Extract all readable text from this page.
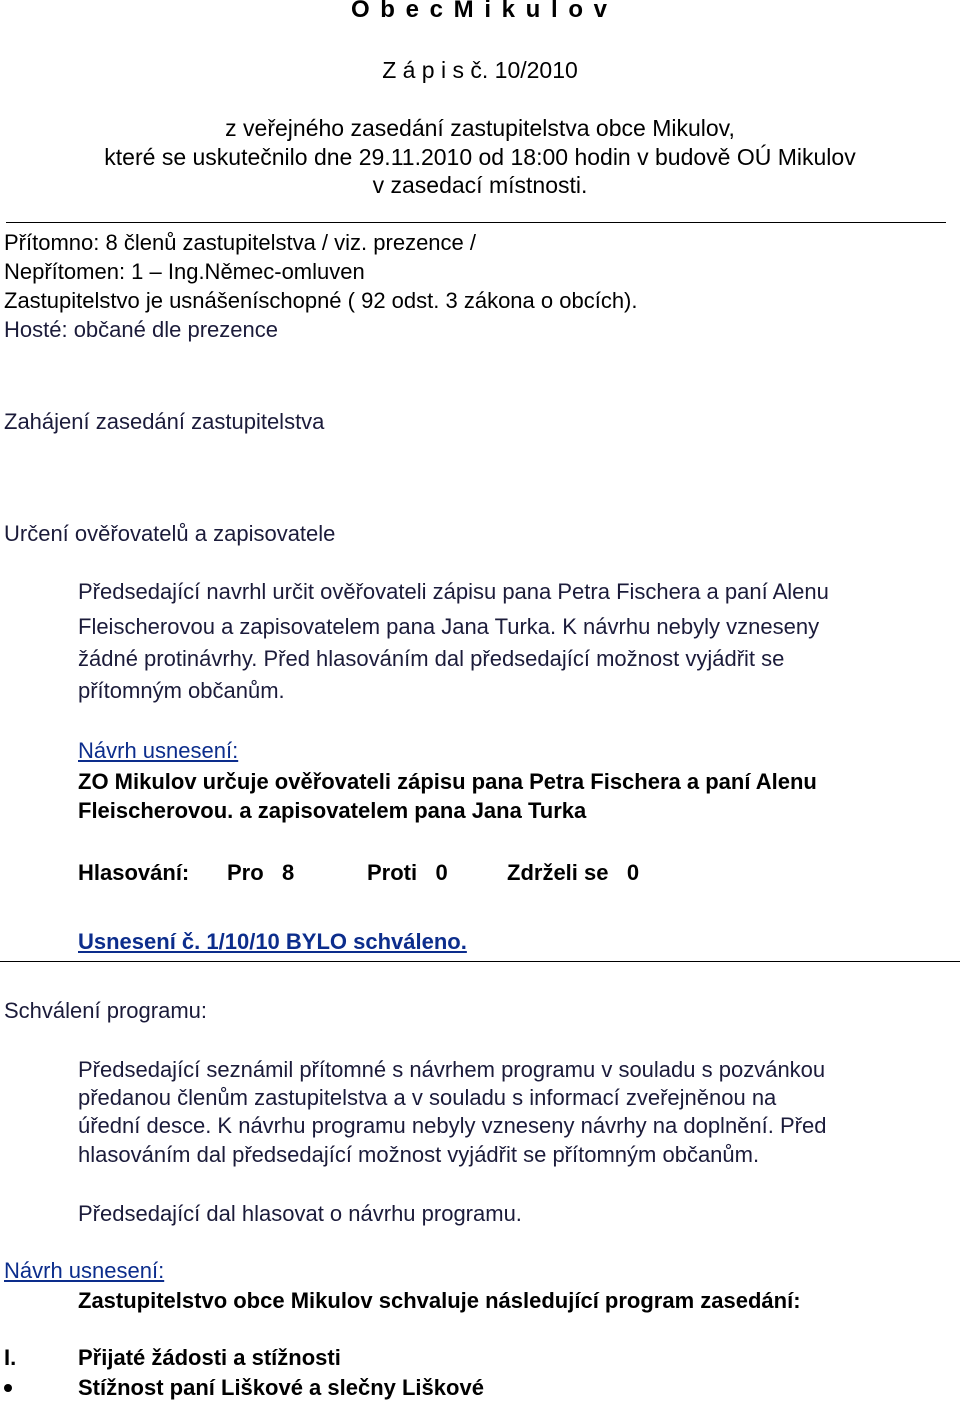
O b e c M i k u l o v
Z á p i s č. 10/2010
z veřejného zasedání zastupitelstva obce Mikulov,
které se uskutečnilo dne 29.11.2010 od 18:00 hodin v budově OÚ Mikulov
v zasedací místnosti.
Přítomno: 8 členů zastupitelstva / viz. prezence /
Nepřítomen: 1 – Ing.Němec-omluven
Zastupitelstvo je usnášeníschopné ( 92 odst. 3 zákona o obcích).
Hosté: občané dle prezence
Zahájení zasedání zastupitelstva
Určení ověřovatelů a zapisovatele
Předsedající navrhl určit ověřovateli zápisu pana Petra Fischera a paní Alenu
Fleischerovou a zapisovatelem pana Jana Turka. K návrhu nebyly vzneseny
žádné protinávrhy. Před hlasováním dal předsedající možnost vyjádřit se
přítomným občanům.
Návrh usnesení:
ZO Mikulov určuje ověřovateli zápisu pana Petra Fischera a paní Alenu
Fleischerovou. a zapisovatelem pana Jana Turka
Hlasování: Pro   8	Proti   0	Zdrželi se   0
Usnesení č. 1/10/10 BYLO schváleno.
Schválení programu:
Předsedající seznámil přítomné s návrhem programu v souladu s pozvánkou
předanou členům zastupitelstva a v souladu s informací zveřejněnou na
úřední desce. K návrhu programu nebyly vzneseny návrhy na doplnění. Před
hlasováním dal předsedající možnost vyjádřit se přítomným občanům.
Předsedající dal hlasovat o návrhu programu.
Návrh usnesení:
Zastupitelstvo obce Mikulov schvaluje následující program zasedání:
I.	Přijaté žádosti a stížnosti
Stížnost paní Liškové a slečny Liškové
